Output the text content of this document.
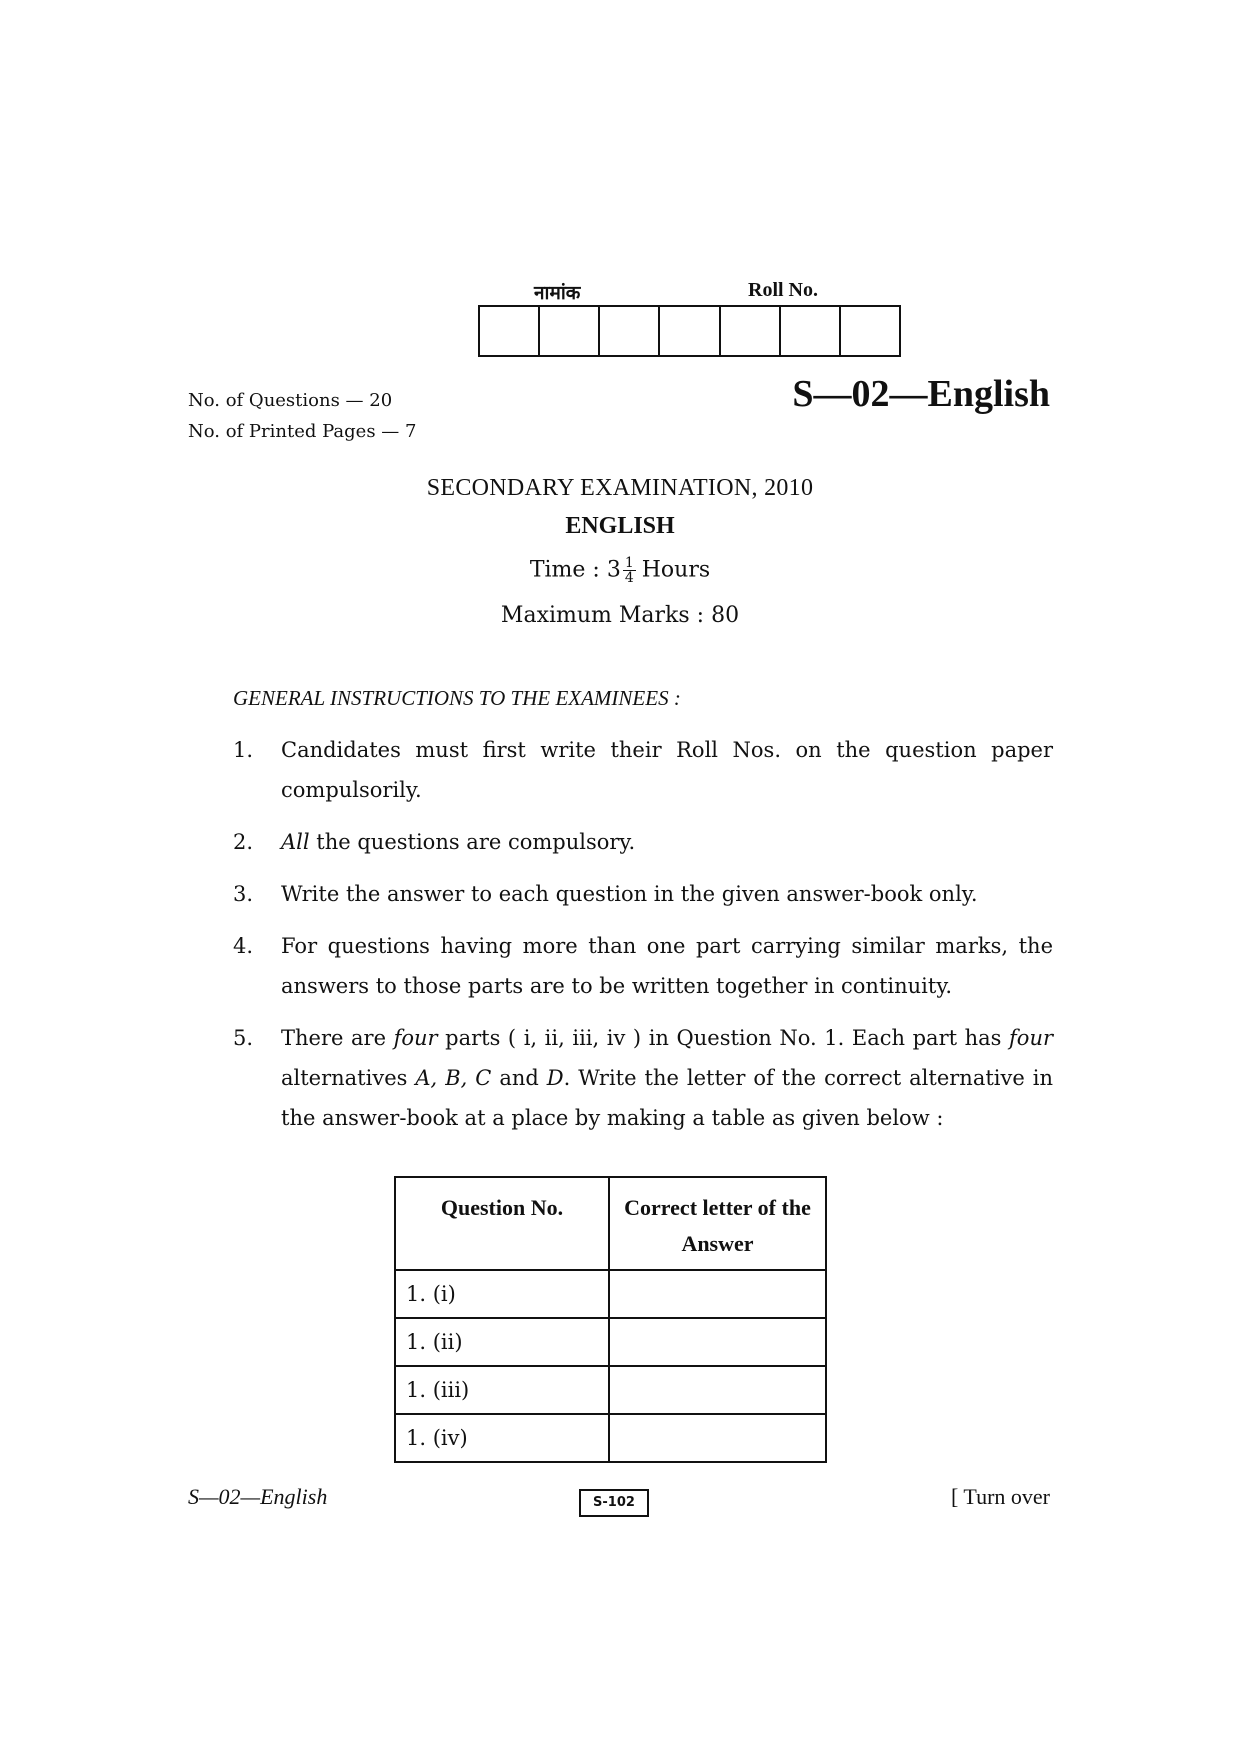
नामांक	Roll No.
No. of Questions — 20
No. of Printed Pages — 7
S—02—English
SECONDARY EXAMINATION, 2010
ENGLISH
Time : $3 \frac{1}{4}$ Hours
Maximum Marks : 80
GENERAL INSTRUCTIONS TO THE EXAMINEES :
1. Candidates must first write their Roll Nos. on the question paper compulsorily.
2. All the questions are compulsory.
3. Write the answer to each question in the given answer-book only.
4. For questions having more than one part carrying similar marks, the answers to those parts are to be written together in continuity.
5. There are four parts ( i, ii, iii, iv ) in Question No. 1. Each part has four alternatives A, B, C and D. Write the letter of the correct alternative in the answer-book at a place by making a table as given below :
Question No.	Correct letter of the Answer
1. (i)	
1. (ii)	
1. (iii)	
1. (iv)	
S—02—English	S-102	[ Turn over
